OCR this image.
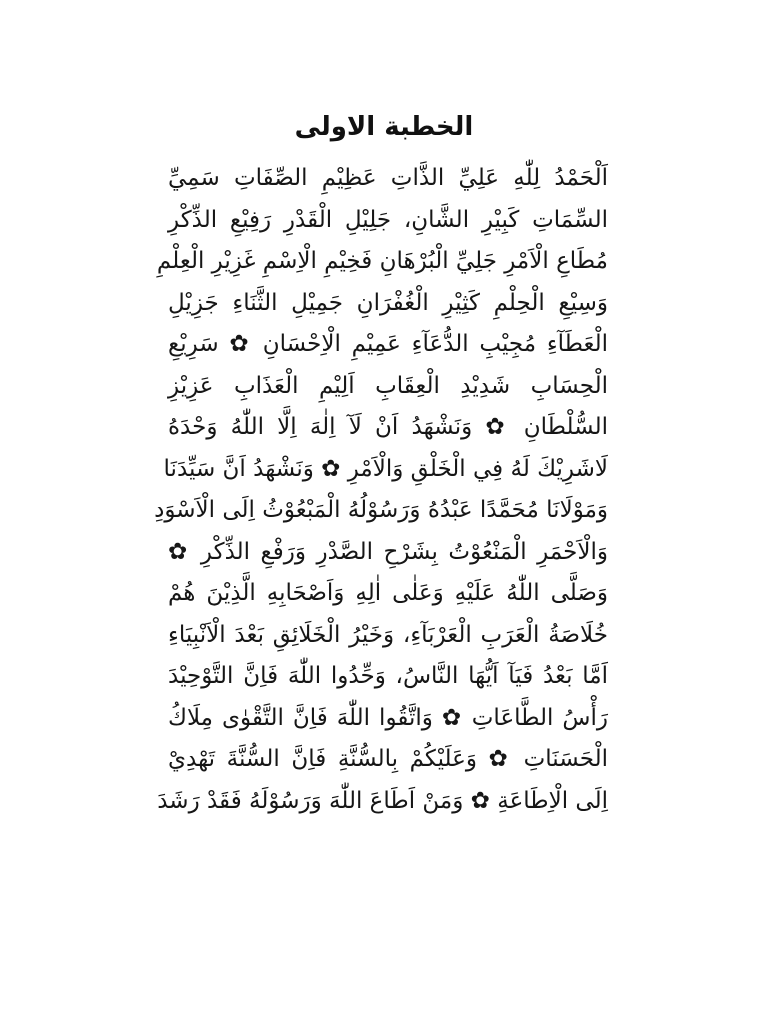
الخطبة الاولى
اَلْحَمْدُ لِلّٰهِ عَلِيِّ الذَّاتِ عَظِيْمِ الصِّفَاتِ سَمِيِّ
السِّمَاتِ كَبِيْرِ الشَّانِ، جَلِيْلِ الْقَدْرِ رَفِيْعِ الذِّكْرِ
مُطَاعِ الْاَمْرِ جَلِيِّ الْبُرْهَانِ فَخِيْمِ الْاِسْمِ غَزِيْرِ الْعِلْمِ
وَسِيْعِ الْحِلْمِ كَثِيْرِ الْغُفْرَانِ جَمِيْلِ الثَّنَاءِ جَزِيْلِ
الْعَطَآءِ مُجِيْبِ الدُّعَآءِ عَمِيْمِ الْاِحْسَانِ ✿ سَرِيْعِ
الْحِسَابِ شَدِيْدِ الْعِقَابِ اَلِيْمِ الْعَذَابِ عَزِيْزِ
السُّلْطَانِ ✿ وَنَشْهَدُ اَنْ لَآ اِلٰهَ اِلَّا اللّٰهُ وَحْدَهُ
لَاشَرِيْكَ لَهُ فِي الْخَلْقِ وَالْاَمْرِ ✿ وَنَشْهَدُ اَنَّ سَيِّدَنَا
وَمَوْلَانَا مُحَمَّدًا عَبْدُهُ وَرَسُوْلُهُ الْمَبْعُوْثُ اِلَى الْاَسْوَدِ
وَالْاَحْمَرِ الْمَنْعُوْتُ بِشَرْحِ الصَّدْرِ وَرَفْعِ الذِّكْرِ ✿
وَصَلَّى اللّٰهُ عَلَيْهِ وَعَلٰى اٰلِهِ وَاَصْحَابِهِ الَّذِيْنَ هُمْ
خُلَاصَةُ الْعَرَبِ الْعَرْبَآءِ، وَخَيْرُ الْخَلَائِقِ بَعْدَ الْاَنْبِيَاءِ
اَمَّا بَعْدُ فَيَآ اَيُّهَا النَّاسُ، وَحِّدُوا اللّٰهَ فَاِنَّ التَّوْحِيْدَ
رَأْسُ الطَّاعَاتِ ✿ وَاتَّقُوا اللّٰهَ فَاِنَّ التَّقْوٰى مِلَاكُ
الْحَسَنَاتِ ✿ وَعَلَيْكُمْ بِالسُّنَّةِ فَاِنَّ السُّنَّةَ تَهْدِيْ
اِلَى الْاِطَاعَةِ ✿ وَمَنْ اَطَاعَ اللّٰهَ وَرَسُوْلَهُ فَقَدْ رَشَدَ
